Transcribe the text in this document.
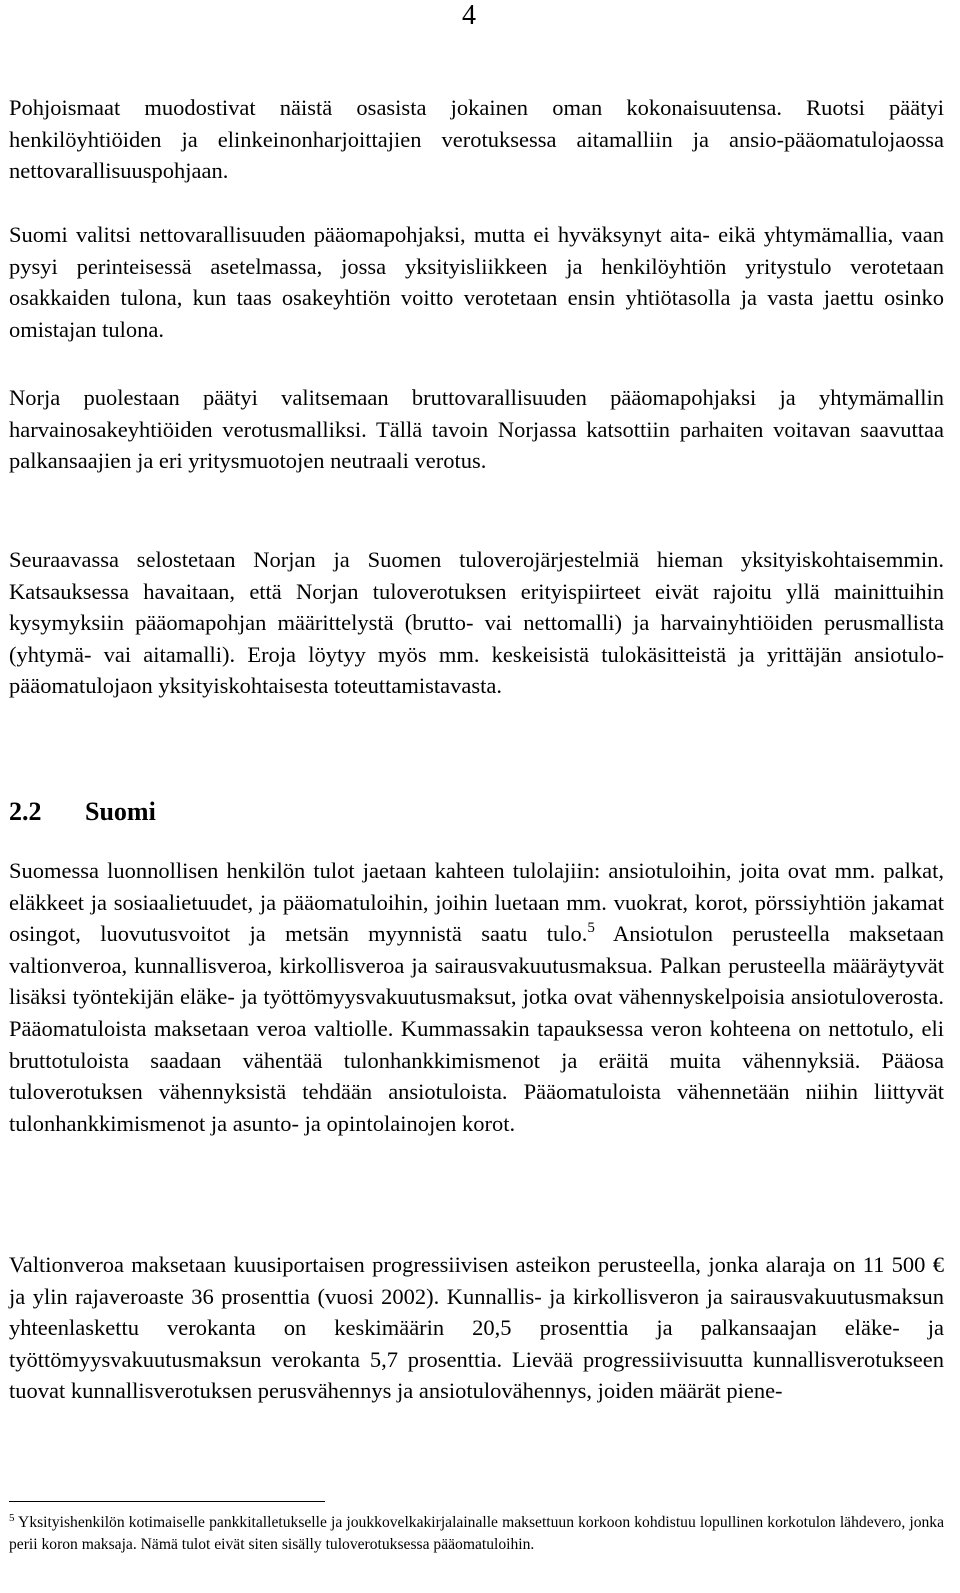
4

Pohjoismaat muodostivat näistä osasista jokainen oman kokonaisuutensa. Ruotsi päätyi henkilöyhtiöiden ja elinkeinonharjoittajien verotuksessa aitamalliin ja ansio-pääomatulojaossa nettovarallisuuspohjaan.

Suomi valitsi nettovarallisuuden pääomapohjaksi, mutta ei hyväksynyt aita- eikä yhtymämallia, vaan pysyi perinteisessä asetelmassa, jossa yksityisliikkeen ja henkilöyhtiön yritystulo verotetaan osakkaiden tulona, kun taas osakeyhtiön voitto verotetaan ensin yhtiötasolla ja vasta jaettu osinko omistajan tulona.

Norja puolestaan päätyi valitsemaan bruttovarallisuuden pääomapohjaksi ja yhtymämallin harvainosakeyhtiöiden verotusmalliksi. Tällä tavoin Norjassa katsottiin parhaiten voitavan saavuttaa palkansaajien ja eri yritysmuotojen neutraali verotus.

Seuraavassa selostetaan Norjan ja Suomen tuloverojärjestelmiä hieman yksityiskohtaisemmin. Katsauksessa havaitaan, että Norjan tuloverotuksen erityispiirteet eivät rajoitu yllä mainittuihin kysymyksiin pääomapohjan määrittelystä (brutto- vai nettomalli) ja harvainyhtiöiden perusmallista (yhtymä- vai aitamalli). Eroja löytyy myös mm. keskeisistä tulokäsitteistä ja yrittäjän ansiotulo-pääomatulojaon yksityiskohtaisesta toteuttamistavasta.

2.2 Suomi

Suomessa luonnollisen henkilön tulot jaetaan kahteen tulolajiin: ansiotuloihin, joita ovat mm. palkat, eläkkeet ja sosiaalietuudet, ja pääomatuloihin, joihin luetaan mm. vuokrat, korot, pörssiyhtiön jakamat osingot, luovutusvoitot ja metsän myynnistä saatu tulo.$^5$ Ansiotulon perusteella maksetaan valtionveroa, kunnallisveroa, kirkollisveroa ja sairausvakuutusmaksua. Palkan perusteella määräytyvät lisäksi työntekijän eläke- ja työttömyysvakuutusmaksut, jotka ovat vähennyskelpoisia ansiotuloverosta. Pääomatuloista maksetaan veroa valtiolle. Kummassakin tapauksessa veron kohteena on nettotulo, eli bruttotuloista saadaan vähentää tulonhankkimismenot ja eräitä muita vähennyksiä. Pääosa tuloverotuksen vähennyksistä tehdään ansiotuloista. Pääomatuloista vähennetään niihin liittyvät tulonhankkimismenot ja asunto- ja opintolainojen korot.

Valtionveroa maksetaan kuusiportaisen progressiivisen asteikon perusteella, jonka alaraja on 11 500 € ja ylin rajaveroaste 36 prosenttia (vuosi 2002). Kunnallis- ja kirkollisveron ja sairausvakuutusmaksun yhteenlaskettu verokanta on keskimäärin 20,5 prosenttia ja palkansaajan eläke- ja työttömyysvakuutusmaksun verokanta 5,7 prosenttia. Lievää progressiivisuutta kunnallisverotukseen tuovat kunnallisverotuksen perusvähennys ja ansiotulovähennys, joiden määrät piene-

$^5$ Yksityishenkilön kotimaiselle pankkitalletukselle ja joukkovelkakirjalainalle maksettuun korkoon kohdistuu lopullinen korkotulon lähdevero, jonka perii koron maksaja. Nämä tulot eivät siten sisälly tuloverotuksessa pääomatuloihin.
